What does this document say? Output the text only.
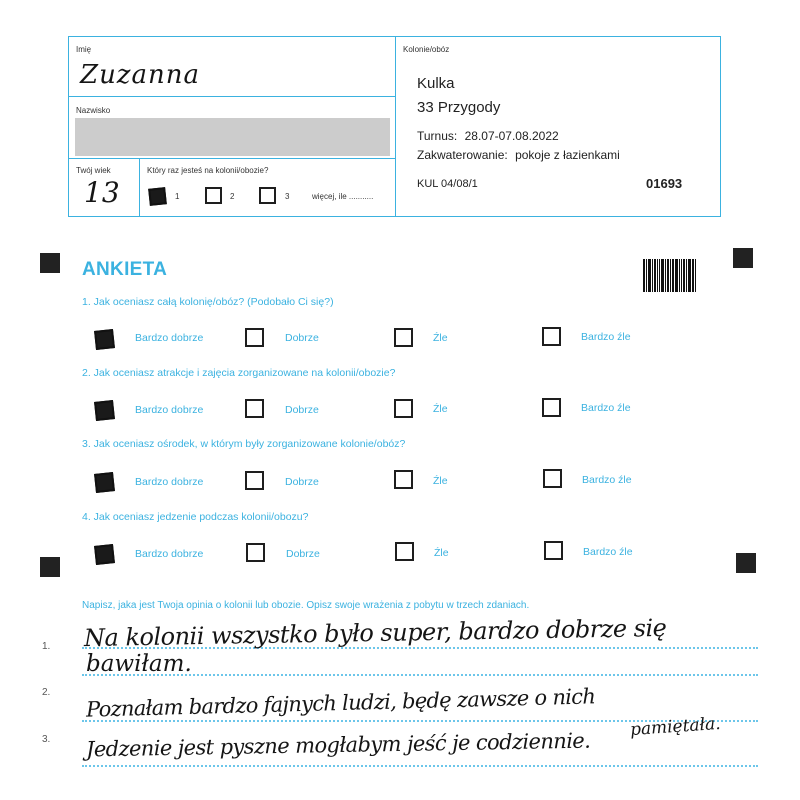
Imię
Zuzanna
Nazwisko
Twój wiek
13
Który raz jesteś na kolonii/obozie?
1	2	3	więcej, ile ...........
Kolonie/obóz
Kulka
33 Przygody
Turnus: 28.07-07.08.2022
Zakwaterowanie: pokoje z łazienkami
KUL 04/08/1	01693
ANKIETA
1. Jak oceniasz całą kolonię/obóz? (Podobało Ci się?)
Bardzo dobrze	Dobrze	Źle	Bardzo źle
2. Jak oceniasz atrakcje i zajęcia zorganizowane na kolonii/obozie?
Bardzo dobrze	Dobrze	Źle	Bardzo źle
3. Jak oceniasz ośrodek, w którym były zorganizowane kolonie/obóz?
Bardzo dobrze	Dobrze	Źle	Bardzo źle
4. Jak oceniasz jedzenie podczas kolonii/obozu?
Bardzo dobrze	Dobrze	Źle	Bardzo źle
Napisz, jaka jest Twoja opinia o kolonii lub obozie. Opisz swoje wrażenia z pobytu w trzech zdaniach.
1.
2.
3.
Na kolonii wszystko było super, bardzo dobrze się
bawiłam.
Poznałam bardzo fajnych ludzi, będę zawsze o nich
pamiętała.
Jedzenie jest pyszne mogłabym jeść je codziennie.
